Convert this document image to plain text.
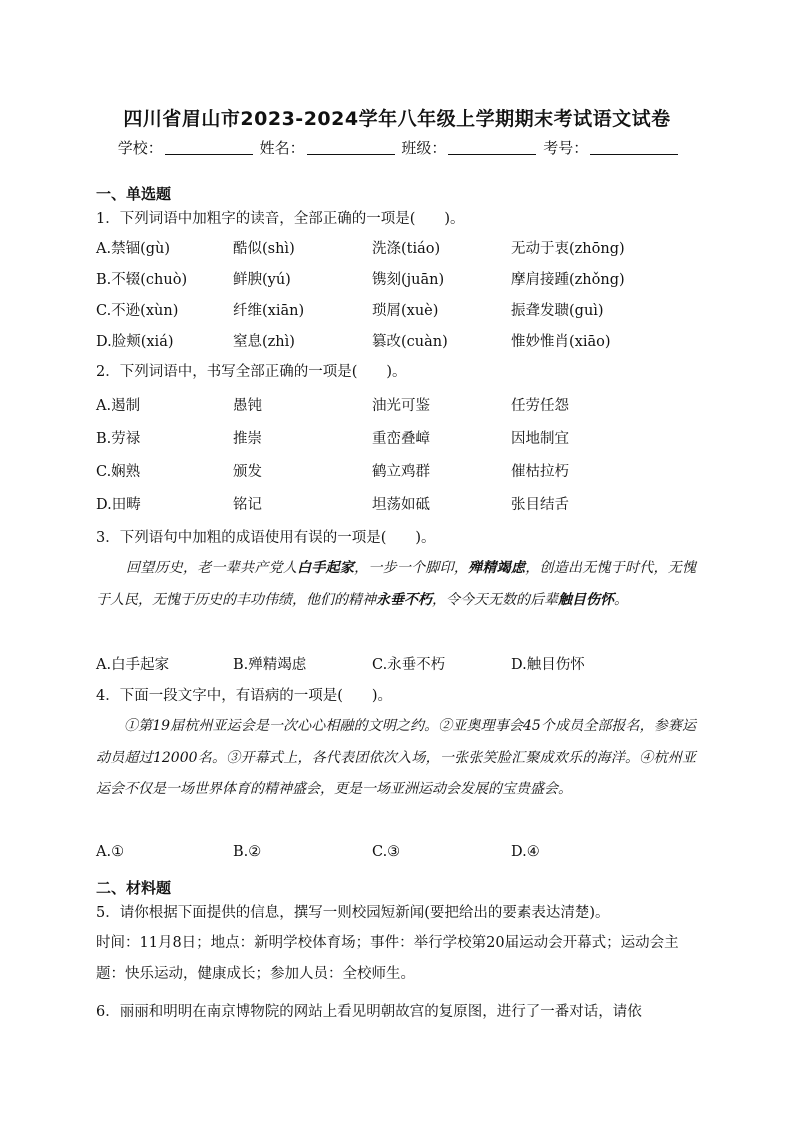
四川省眉山市2023-2024学年八年级上学期期末考试语文试卷
学校：	姓名：	班级：	考号：
一、单选题
1．下列词语中加粗字的读音，全部正确的一项是(　　)。
A.禁锢(gù)	酷似(shì)	洗涤(tiáo)	无动于衷(zhōng)
B.不辍(chuò)	鲜腴(yú)	镌刻(juān)	摩肩接踵(zhǒng)
C.不逊(xùn)	纤维(xiān)	琐屑(xuè)	振聋发聩(guì)
D.脸颊(xiá)	窒息(zhì)	篡改(cuàn)	惟妙惟肖(xiāo)
2．下列词语中，书写全部正确的一项是(　　)。
A.遏制	愚钝	油光可鉴	任劳任怨
B.劳禄	推崇	重峦叠嶂	因地制宜
C.娴熟	颁发	鹤立鸡群	催枯拉朽
D.田畴	铭记	坦荡如砥	张目结舌
3．下列语句中加粗的成语使用有误的一项是(　　)。

回望历史，老一辈共产党人白手起家，一步一个脚印，殚精竭虑，创造出无愧于时代，无愧于人民，无愧于历史的丰功伟绩，他们的精神永垂不朽，令今天无数的后辈触目伤怀。

A.白手起家	B.殚精竭虑	C.永垂不朽	D.触目伤怀
4．下面一段文字中，有语病的一项是(　　)。

①第19届杭州亚运会是一次心心相融的文明之约。②亚奥理事会45个成员全部报名，参赛运动员超过12000名。③开幕式上，各代表团依次入场，一张张笑脸汇聚成欢乐的海洋。④杭州亚运会不仅是一场世界体育的精神盛会，更是一场亚洲运动会发展的宝贵盛会。

A.①	B.②	C.③	D.④
二、材料题
5．请你根据下面提供的信息，撰写一则校园短新闻(要把给出的要素表达清楚)。

时间：11月8日；地点：新明学校体育场；事件：举行学校第20届运动会开幕式；运动会主题：快乐运动，健康成长；参加人员：全校师生。

6．丽丽和明明在南京博物院的网站上看见明朝故宫的复原图，进行了一番对话，请依
